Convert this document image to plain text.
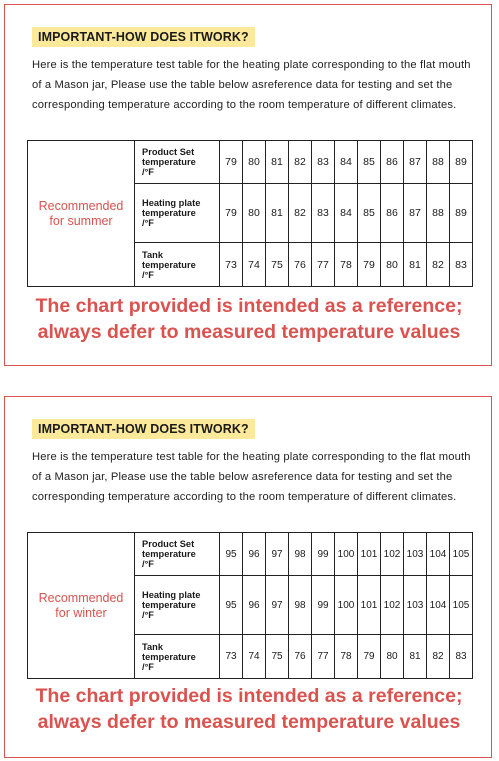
IMPORTANT-HOW DOES ITWORK?
Here is the temperature test table for the heating plate corresponding to the flat mouth of a Mason jar, Please use the table below asreference data for testing and set the corresponding temperature according to the room temperature of different climates.
Recommended
for summer	Product Set
temperature
/°F	79	80	81	82	83	84	85	86	87	88	89
	Heating plate
temperature
/°F	79	80	81	82	83	84	85	86	87	88	89
	Tank
temperature
/°F	73	74	75	76	77	78	79	80	81	82	83
The chart provided is intended as a reference;
always defer to measured temperature values
IMPORTANT-HOW DOES ITWORK?
Here is the temperature test table for the heating plate corresponding to the flat mouth of a Mason jar, Please use the table below asreference data for testing and set the corresponding temperature according to the room temperature of different climates.
Recommended
for winter	Product Set
temperature
/°F	95	96	97	98	99	100	101	102	103	104	105
	Heating plate
temperature
/°F	95	96	97	98	99	100	101	102	103	104	105
	Tank
temperature
/°F	73	74	75	76	77	78	79	80	81	82	83
The chart provided is intended as a reference;
always defer to measured temperature values
